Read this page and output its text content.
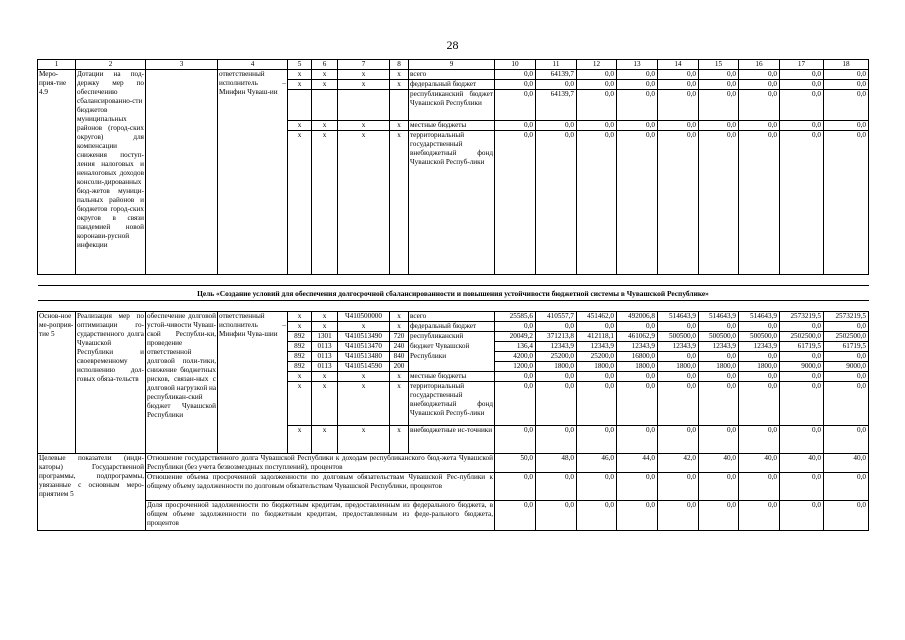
28
1	2	3	4	5	6	7	8	9	10	11	12	13	14	15	16	17	18
Меро-прия-тие 4.9	Дотации на под-держку мер по обеспечению сбалансированно-сти бюджетов муниципальных районов (город-ских округов) для компенсации снижения поступ-ления налоговых и неналоговых доходов консоли-дированных бюд-жетов муници-пальных районов и бюджетов город-ских округов в связи пандемией новой коронави-русной инфекции		ответственный исполнитель – Минфин Чуваш-ии	x	x	x	x	всего	0,0	64139,7	0,0	0,0	0,0	0,0	0,0	0,0	0,0
				x	x	x	x	федеральный бюджет	0,0	0,0	0,0	0,0	0,0	0,0	0,0	0,0	0,0
								республиканский бюджет Чувашской Республики	0,0	64139,7	0,0	0,0	0,0	0,0	0,0	0,0	0,0
				x	x	x	x	местные бюджеты	0,0	0,0	0,0	0,0	0,0	0,0	0,0	0,0	0,0
				x	x	x	x	территориальный государственный внебюджетный фонд Чувашской Респуб-лики	0,0	0,0	0,0	0,0	0,0	0,0	0,0	0,0	0,0

Цель «Создание условий для обеспечения долгосрочной сбалансированности и повышения устойчивости бюджетной системы в Чувашской Республике»																	

Основ-ное ме-роприя-тие 5	Реализация мер по оптимизации го-сударственного долга Чувашской Республики и своевременному исполнению дол-говых обяза-тельств	обеспечение долговой устой-чивости Чуваш-ской Республи-ки, проведение ответственной долговой поли-тики, снижение бюджетных рисков, связан-ных с долговой нагрузкой на республикан-ский бюджет Чувашской Республики	ответственный исполнитель – Минфин Чува-шии	x	x	Ч410500000	x	всего	25585,6	410557,7	451462,0	492006,8	514643,9	514643,9	514643,9	2573219,5	2573219,5
				x	x	x	x	федеральный бюджет	0,0	0,0	0,0	0,0	0,0	0,0	0,0	0,0	0,0
				892	1301	Ч410513490	720	республиканский	20049,2	371213,8	412118,1	461062,9	500500,0	500500,0	500500,0	2502500,0	2502500,0
				892	0113	Ч410513470	240	бюджет Чувашской	136,4	12343,9	12343,9	12343,9	12343,9	12343,9	12343,9	61719,5	61719,5
				892	0113	Ч410513480	840	Республики	4200,0	25200,0	25200,0	16800,0	0,0	0,0	0,0	0,0	0,0
				892	0113	Ч410514590	200		1200,0	1800,0	1800,0	1800,0	1800,0	1800,0	1800,0	9000,0	9000,0
				x	x	x	x	местные бюджеты	0,0	0,0	0,0	0,0	0,0	0,0	0,0	0,0	0,0
				x	x	x	x	территориальный государственный внебюджетный фонд Чувашской Респуб-лики	0,0	0,0	0,0	0,0	0,0	0,0	0,0	0,0	0,0
				x	x	x	x	внебюджетные ис-точники	0,0	0,0	0,0	0,0	0,0	0,0	0,0	0,0	0,0
Целевые показатели (инди-каторы) Государственной программы, подпрограммы, увязанные с основным меро-приятием 5		Отношение государственного долга Чувашской Республики к доходам республиканского бюд-жета Чувашской Республики (без учета безвозмездных поступлений), процентов							50,0	48,0	46,0	44,0	42,0	40,0	40,0	40,0	40,0
		Отношение объема просроченной задолженности по долговым обязательствам Чувашской Рес-публики к общему объему задолженности по долговым обязательствам Чувашской Республики, процентов							0,0	0,0	0,0	0,0	0,0	0,0	0,0	0,0	0,0
		Доля просроченной задолженности по бюджетным кредитам, предоставленным из федерального бюджета, в общем объеме задолженности по бюджетным кредитам, предоставленным из феде-рального бюджета, процентов							0,0	0,0	0,0	0,0	0,0	0,0	0,0	0,0	0,0
